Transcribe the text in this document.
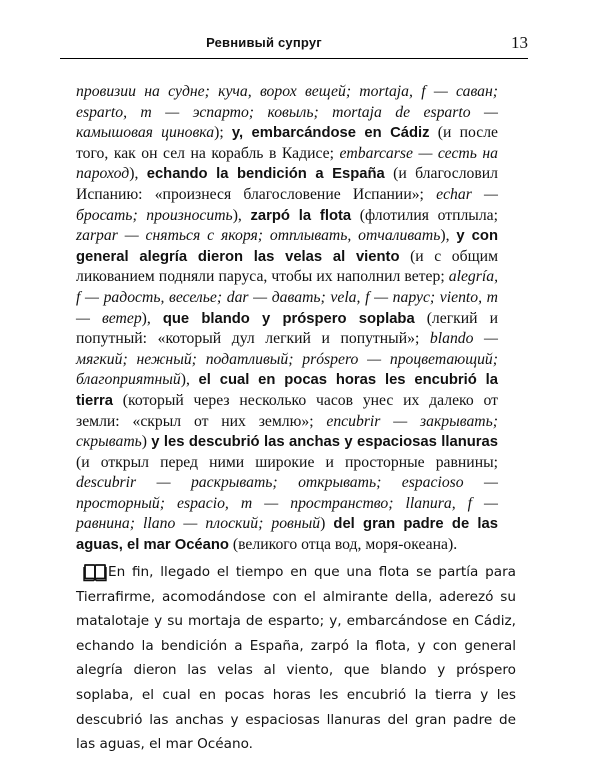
Ревнивый супруг	13
провизии на судне; куча, ворох вещей; mortaja, f — саван; esparto, m — эспарто; ковыль; mortaja de esparto — камышовая циновка); y, embarcándose en Cádiz (и после того, как он сел на корабль в Кадисе; embarcarse — сесть на пароход), echando la bendición a España (и благословил Испанию: «произнеся благословение Испании»; echar — бросать; произносить), zarpó la flota (флотилия отплыла; zarpar — сняться с якоря; отплывать, отчаливать), y con general alegría dieron las velas al viento (и с общим ликованием подняли паруса, чтобы их наполнил ветер; alegría, f — радость, веселье; dar — давать; vela, f — парус; viento, m — ветер), que blando y próspero soplaba (легкий и попутный: «который дул легкий и попутный»; blando — мягкий; нежный; податливый; próspero — процветающий; благоприятный), el cual en pocas horas les encubrió la tierra (который через несколько часов унес их далеко от земли: «скрыл от них землю»; encubrir — закрывать; скрывать) y les descubrió las anchas y espaciosas llanuras (и открыл перед ними широкие и просторные равнины; descubrir — раскрывать; открывать; espacioso — просторный; espacio, m — пространство; llanura, f — равнина; llano — плоский; ровный) del gran padre de las aguas, el mar Océano (великого отца вод, моря-океана).
En fin, llegado el tiempo en que una flota se partía para Tierrafirme, acomodándose con el almirante della, aderezó su matalotaje y su mortaja de esparto; y, embarcándose en Cádiz, echando la bendición a España, zarpó la flota, y con general alegría dieron las velas al viento, que blando y próspero soplaba, el cual en pocas horas les encubrió la tierra y les descubrió las anchas y espaciosas llanuras del gran padre de las aguas, el mar Océano.
